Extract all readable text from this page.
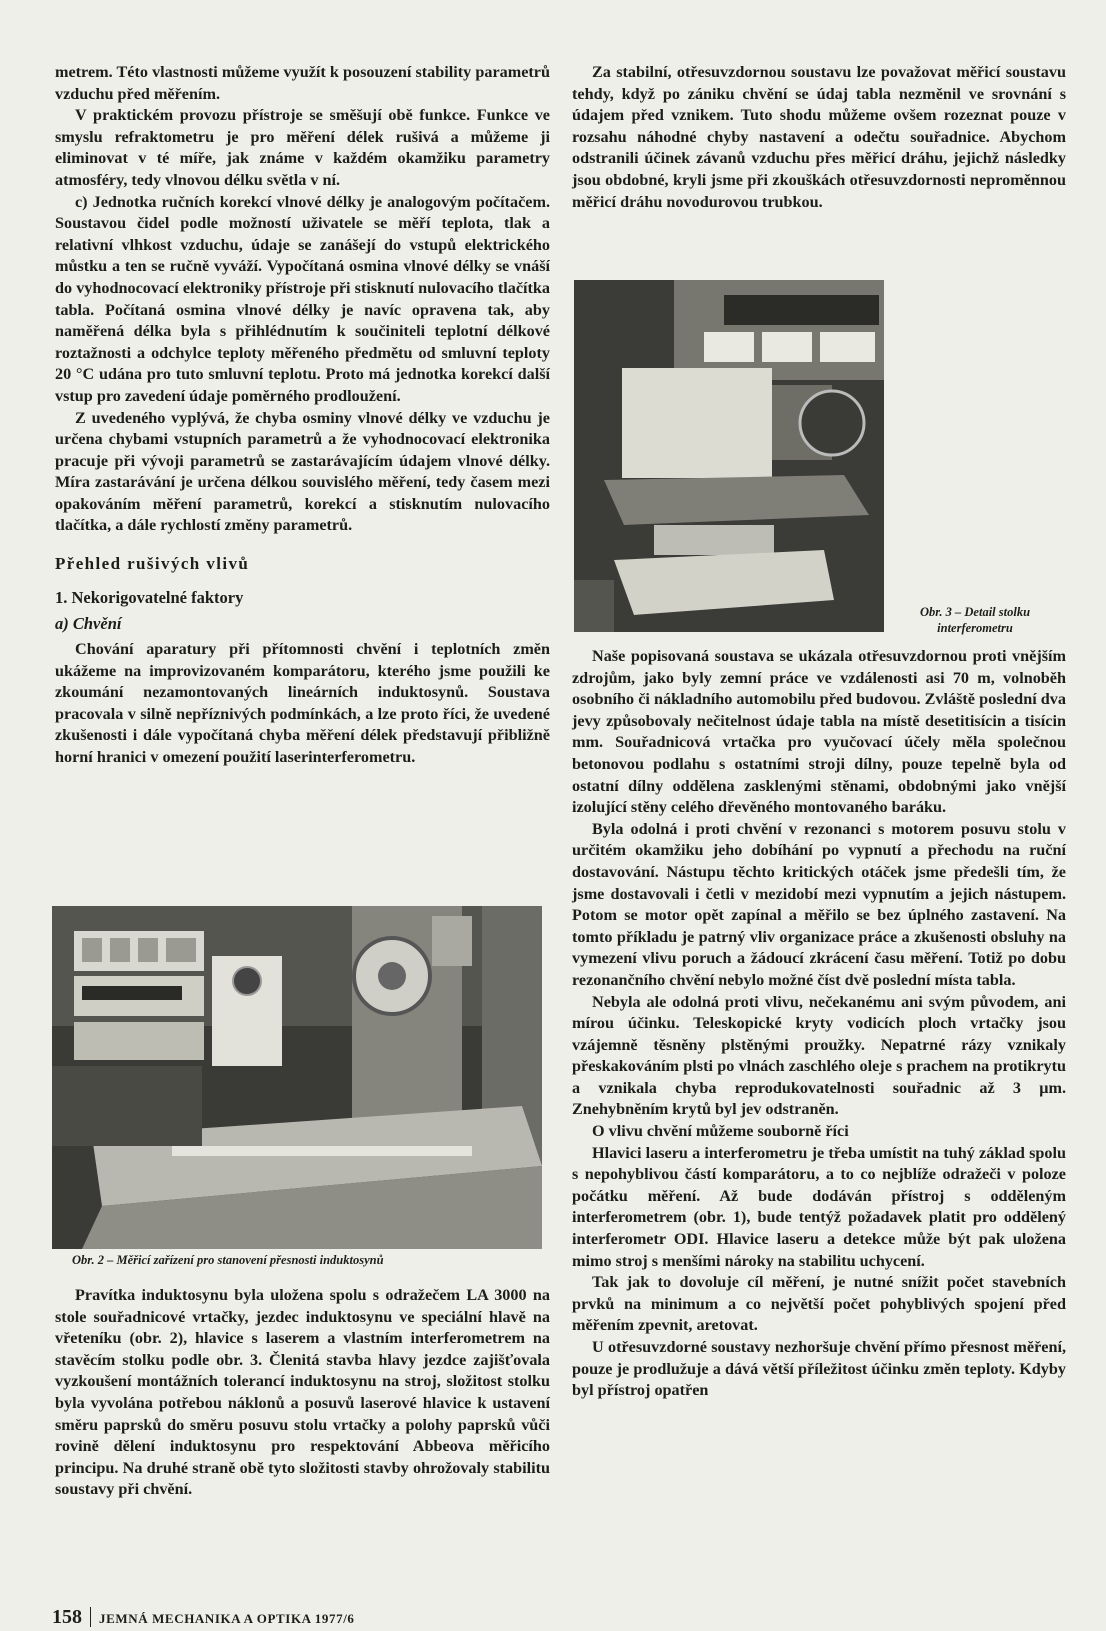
metrem. Této vlastnosti můžeme využít k posouzení stability parametrů vzduchu před měřením.

V praktickém provozu přístroje se směšují obě funkce. Funkce ve smyslu refraktometru je pro měření délek rušivá a můžeme ji eliminovat v té míře, jak známe v každém okamžiku parametry atmosféry, tedy vlnovou délku světla v ní.

c) Jednotka ručních korekcí vlnové délky je analogovým počítačem. Soustavou čidel podle možností uživatele se měří teplota, tlak a relativní vlhkost vzduchu, údaje se zanášejí do vstupů elektrického můstku a ten se ručně vyváží. Vypočítaná osmina vlnové délky se vnáší do vyhodnocovací elektroniky přístroje při stisknutí nulovacího tlačítka tabla. Počítaná osmina vlnové délky je navíc opravena tak, aby naměřená délka byla s přihlédnutím k součiniteli teplotní délkové roztažnosti a odchylce teploty měřeného předmětu od smluvní teploty 20 °C udána pro tuto smluvní teplotu. Proto má jednotka korekcí další vstup pro zavedení údaje poměrného prodloužení.

Z uvedeného vyplývá, že chyba osminy vlnové délky ve vzduchu je určena chybami vstupních parametrů a že vyhodnocovací elektronika pracuje při vývoji parametrů se zastarávajícím údajem vlnové délky. Míra zastarávání je určena délkou souvislého měření, tedy časem mezi opakováním měření parametrů, korekcí a stisknutím nulovacího tlačítka, a dále rychlostí změny parametrů.

Přehled rušivých vlivů
1. Nekorigovatelné faktory
a) Chvění

Chování aparatury při přítomnosti chvění i teplotních změn ukážeme na improvizovaném komparátoru, kterého jsme použili ke zkoumání nezamontovaných lineárních induktosynů. Soustava pracovala v silně nepříznivých podmínkách, a lze proto říci, že uvedené zkušenosti i dále vypočítaná chyba měření délek představují přibližně horní hranici v omezení použití laserinterferometru.

Obr. 2 – Měřicí zařízení pro stanovení přesnosti induktosynů

Pravítka induktosynu byla uložena spolu s odražečem LA 3000 na stole souřadnicové vrtačky, jezdec induktosynu ve speciální hlavě na vřeteníku (obr. 2), hlavice s laserem a vlastním interferometrem na stavěcím stolku podle obr. 3. Členitá stavba hlavy jezdce zajišťovala vyzkoušení montážních tolerancí induktosynu na stroj, složitost stolku byla vyvolána potřebou náklonů a posuvů laserové hlavice k ustavení směru paprsků do směru posuvu stolu vrtačky a polohy paprsků vůči rovině dělení induktosynu pro respektování Abbeova měřicího principu. Na druhé straně obě tyto složitosti stavby ohrožovaly stabilitu soustavy při chvění.

Za stabilní, otřesuvzdornou soustavu lze považovat měřicí soustavu tehdy, když po zániku chvění se údaj tabla nezměnil ve srovnání s údajem před vznikem. Tuto shodu můžeme ovšem rozeznat pouze v rozsahu náhodné chyby nastavení a odečtu souřadnice. Abychom odstranili účinek závanů vzduchu přes měřicí dráhu, jejichž následky jsou obdobné, kryli jsme při zkouškách otřesuvzdornosti neproměnnou měřicí dráhu novodurovou trubkou.

Obr. 3 – Detail stolku
interferometru

Naše popisovaná soustava se ukázala otřesuvzdornou proti vnějším zdrojům, jako byly zemní práce ve vzdálenosti asi 70 m, volnoběh osobního či nákladního automobilu před budovou. Zvláště poslední dva jevy způsobovaly nečitelnost údaje tabla na místě desetitisícin a tisícin mm. Souřadnicová vrtačka pro vyučovací účely měla společnou betonovou podlahu s ostatními stroji dílny, pouze tepelně byla od ostatní dílny oddělena zasklenými stěnami, obdobnými jako vnější izolující stěny celého dřevěného montovaného baráku.

Byla odolná i proti chvění v rezonanci s motorem posuvu stolu v určitém okamžiku jeho dobíhání po vypnutí a přechodu na ruční dostavování. Nástupu těchto kritických otáček jsme předešli tím, že jsme dostavovali i četli v mezidobí mezi vypnutím a jejich nástupem. Potom se motor opět zapínal a měřilo se bez úplného zastavení. Na tomto příkladu je patrný vliv organizace práce a zkušenosti obsluhy na vymezení vlivu poruch a žádoucí zkrácení času měření. Totiž po dobu rezonančního chvění nebylo možné číst dvě poslední místa tabla.

Nebyla ale odolná proti vlivu, nečekanému ani svým původem, ani mírou účinku. Teleskopické kryty vodicích ploch vrtačky jsou vzájemně těsněny plstěnými proužky. Nepatrné rázy vznikaly přeskakováním plsti po vlnách zaschlého oleje s prachem na protikrytu a vznikala chyba reprodukovatelnosti souřadnic až 3 μm. Znehybněním krytů byl jev odstraněn.

O vlivu chvění můžeme souborně říci

Hlavici laseru a interferometru je třeba umístit na tuhý základ spolu s nepohyblivou částí komparátoru, a to co nejblíže odražeči v poloze počátku měření. Až bude dodáván přístroj s odděleným interferometrem (obr. 1), bude tentýž požadavek platit pro oddělený interferometr ODI. Hlavice laseru a detekce může být pak uložena mimo stroj s menšími nároky na stabilitu uchycení.

Tak jak to dovoluje cíl měření, je nutné snížit počet stavebních prvků na minimum a co největší počet pohyblivých spojení před měřením zpevnit, aretovat.

U otřesuvzdorné soustavy nezhoršuje chvění přímo přesnost měření, pouze je prodlužuje a dává větší příležitost účinku změn teploty. Kdyby byl přístroj opatřen

158 JEMNÁ MECHANIKA A OPTIKA 1977/6
